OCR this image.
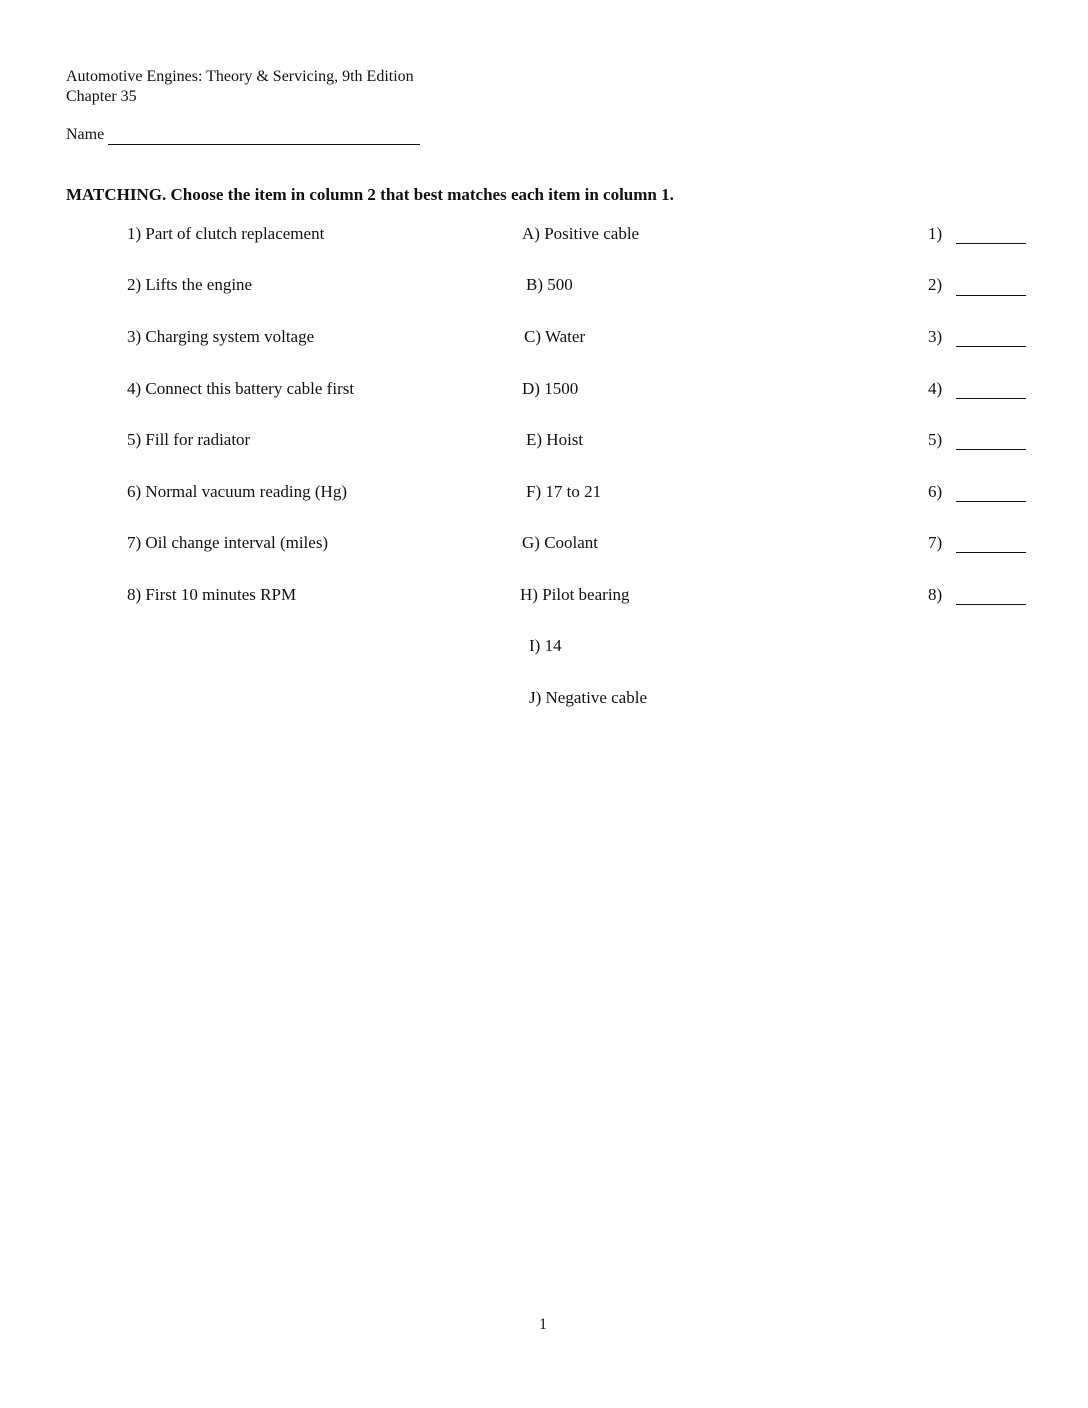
Automotive Engines: Theory & Servicing, 9th Edition
Chapter 35
Name
MATCHING. Choose the item in column 2 that best matches each item in column 1.
1) Part of clutch replacement
2) Lifts the engine
3) Charging system voltage
4) Connect this battery cable first
5) Fill for radiator
6) Normal vacuum reading (Hg)
7) Oil change interval (miles)
8) First 10 minutes RPM
A) Positive cable
B) 500
C) Water
D) 1500
E) Hoist
F) 17 to 21
G) Coolant
H) Pilot bearing
I) 14
J) Negative cable
1)
2)
3)
4)
5)
6)
7)
8)
1
